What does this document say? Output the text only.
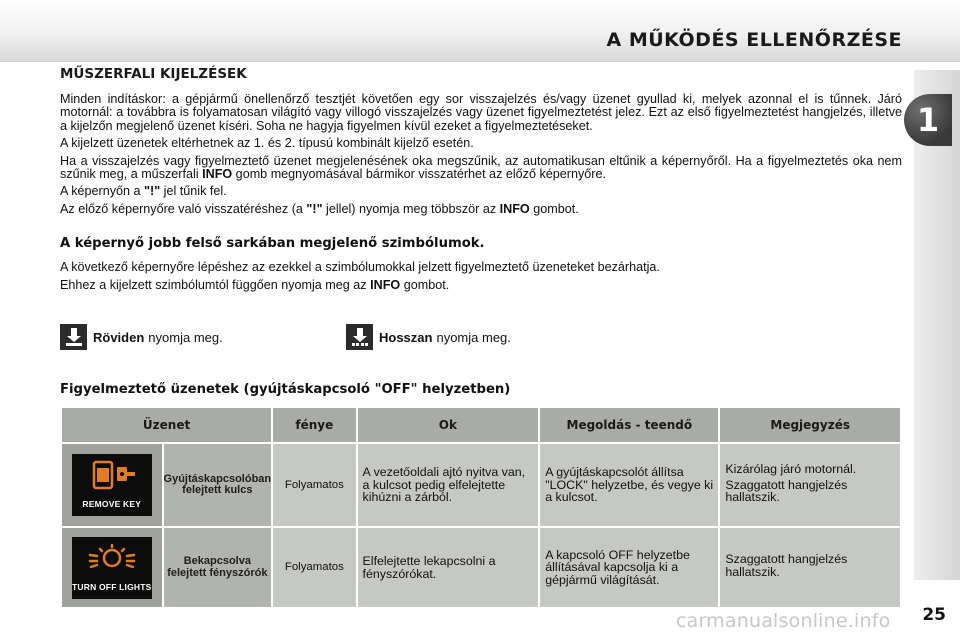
A MŰKÖDÉS ELLENŐRZÉSE
1
MŰSZERFALI KIJELZÉSEK

Minden indításkor: a gépjármű önellenőrző tesztjét követően egy sor visszajelzés és/vagy üzenet gyullad ki, melyek azonnal el is tűnnek. Járó motornál: a továbbra is folyamatosan világító vagy villogó visszajelzés vagy üzenet figyelmeztetést jelez. Ezt az első figyelmeztetést hangjelzés, illetve a kijelzőn megjelenő üzenet kíséri. Soha ne hagyja figyelmen kívül ezeket a figyelmeztetéseket.

A kijelzett üzenetek eltérhetnek az 1. és 2. típusú kombinált kijelző esetén.

Ha a visszajelzés vagy figyelmeztető üzenet megjelenésének oka megszűnik, az automatikusan eltűnik a képernyőről. Ha a figyelmeztetés oka nem szűnik meg, a műszerfali INFO gomb megnyomásával bármikor visszatérhet az előző képernyőre.

A képernyőn a "!" jel tűnik fel.

Az előző képernyőre való visszatéréshez (a "!" jellel) nyomja meg többször az INFO gombot.

A képernyő jobb felső sarkában megjelenő szimbólumok.

A következő képernyőre lépéshez az ezekkel a szimbólumokkal jelzett figyelmeztető üzeneteket bezárhatja.

Ehhez a kijelzett szimbólumtól függően nyomja meg az INFO gombot.

Röviden nyomja meg.	Hosszan nyomja meg.
Figyelmeztető üzenetek (gyújtáskapcsoló "OFF" helyzetben)
Üzenet		fénye	Ok	Megoldás - teendő	Megjegyzés

REMOVE KEY	Gyújtáskapcsolóban felejtett kulcs	Folyamatos	A vezetőoldali ajtó nyitva van, a kulcsot pedig elfelejtette kihúzni a zárból.	A gyújtáskapcsolót állítsa "LOCK" helyzetbe, és vegye ki a kulcsot.	Kizárólag járó motornál.

Szaggatott hangjelzés hallatszik.

TURN OFF LIGHTS	Bekapcsolva felejtett fényszórók	Folyamatos	Elfelejtette lekapcsolni a fényszórókat.	A kapcsoló OFF helyzetbe állításával kapcsolja ki a gépjármű világítását.	Szaggatott hangjelzés hallatszik.

25
carmanualsonline.info
